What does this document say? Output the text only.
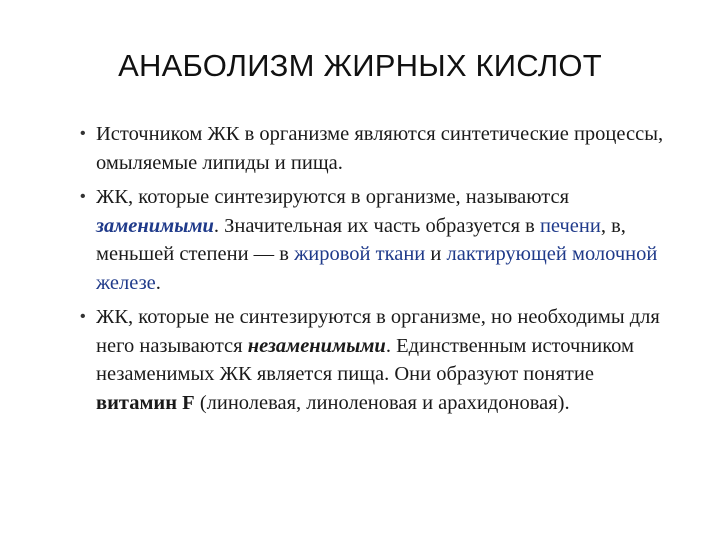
АНАБОЛИЗМ ЖИРНЫХ КИСЛОТ
• Источником ЖК в организме являются синтетические процессы, омыляемые липиды и пища.
• ЖК, которые синтезируются в организме, называются заменимыми. Значительная их часть образуется в печени, в, меньшей степени — в жировой ткани и лактирующей молочной железе.
• ЖК, которые не синтезируются в организме, но необходимы для него называются незаменимыми. Единственным источником незаменимых ЖК является пища. Они образуют понятие витамин F (линолевая, линоленовая и арахидоновая).
